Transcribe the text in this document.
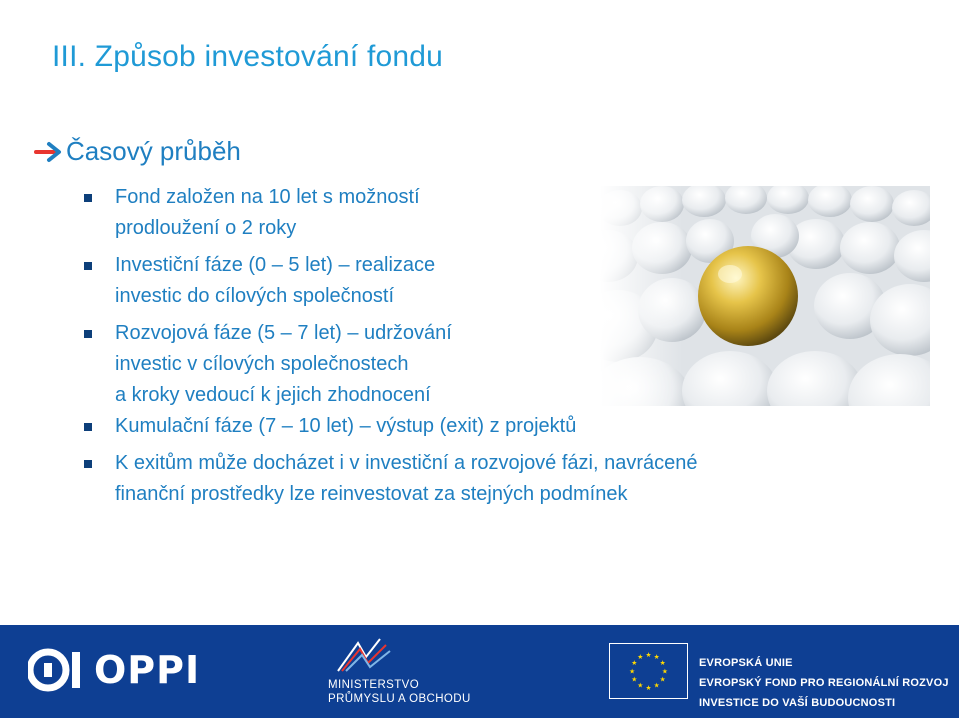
III. Způsob investování fondu
Časový průběh
Fond založen na 10 let s možností
prodloužení o 2 roky
Investiční fáze (0 – 5 let) – realizace
investic do cílových společností
Rozvojová fáze (5 – 7 let) – udržování
investic v cílových společnostech
a kroky vedoucí k jejich zhodnocení
Kumulační fáze (7 – 10 let) – výstup (exit) z projektů
K exitům může docházet i v investiční a rozvojové fázi, navrácené
finanční prostředky lze reinvestovat za stejných podmínek
OPPI	MINISTERSTVO
PRŮMYSLU A OBCHODU
★ ★
★
★
★
★
★
★
★
★
★
★	EVROPSKÁ UNIE
EVROPSKÝ FOND PRO REGIONÁLNÍ ROZVOJ
INVESTICE DO VAŠÍ BUDOUCNOSTI
